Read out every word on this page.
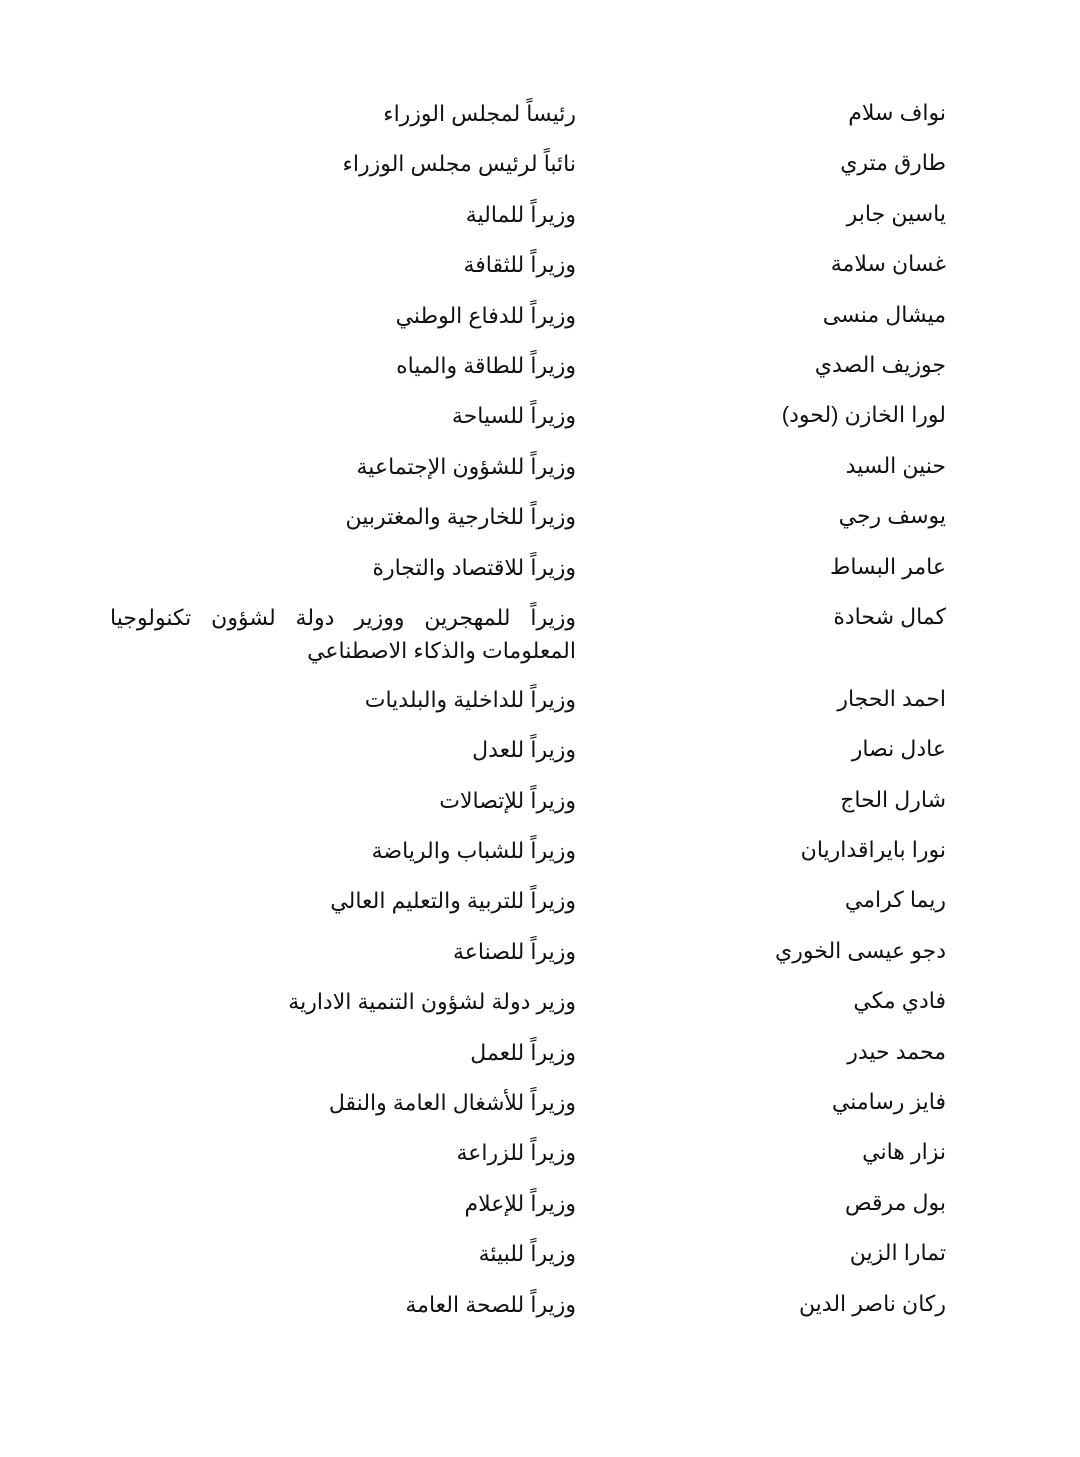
نواف سلام
رئيساً لمجلس الوزراء
طارق متري
نائباً لرئيس مجلس الوزراء
ياسين جابر
وزيراً للمالية
غسان سلامة
وزيراً للثقافة
ميشال منسى
وزيراً للدفاع الوطني
جوزيف الصدي
وزيراً للطاقة والمياه
لورا الخازن (لحود)
وزيراً للسياحة
حنين السيد
وزيراً للشؤون الإجتماعية
يوسف رجي
وزيراً للخارجية والمغتربين
عامر البساط
وزيراً للاقتصاد والتجارة
كمال شحادة
وزيراً للمهجرين ووزير دولة لشؤون تكنولوجيا المعلومات والذكاء الاصطناعي
احمد الحجار
وزيراً للداخلية والبلديات
عادل نصار
وزيراً للعدل
شارل الحاج
وزيراً للإتصالات
نورا بايراقداريان
وزيراً للشباب والرياضة
ريما كرامي
وزيراً للتربية والتعليم العالي
دجو عيسى الخوري
وزيراً للصناعة
فادي مكي
وزير دولة لشؤون التنمية الادارية
محمد حيدر
وزيراً للعمل
فايز رسامني
وزيراً للأشغال العامة والنقل
نزار هاني
وزيراً للزراعة
بول مرقص
وزيراً للإعلام
تمارا الزين
وزيراً للبيئة
ركان ناصر الدين
وزيراً للصحة العامة
